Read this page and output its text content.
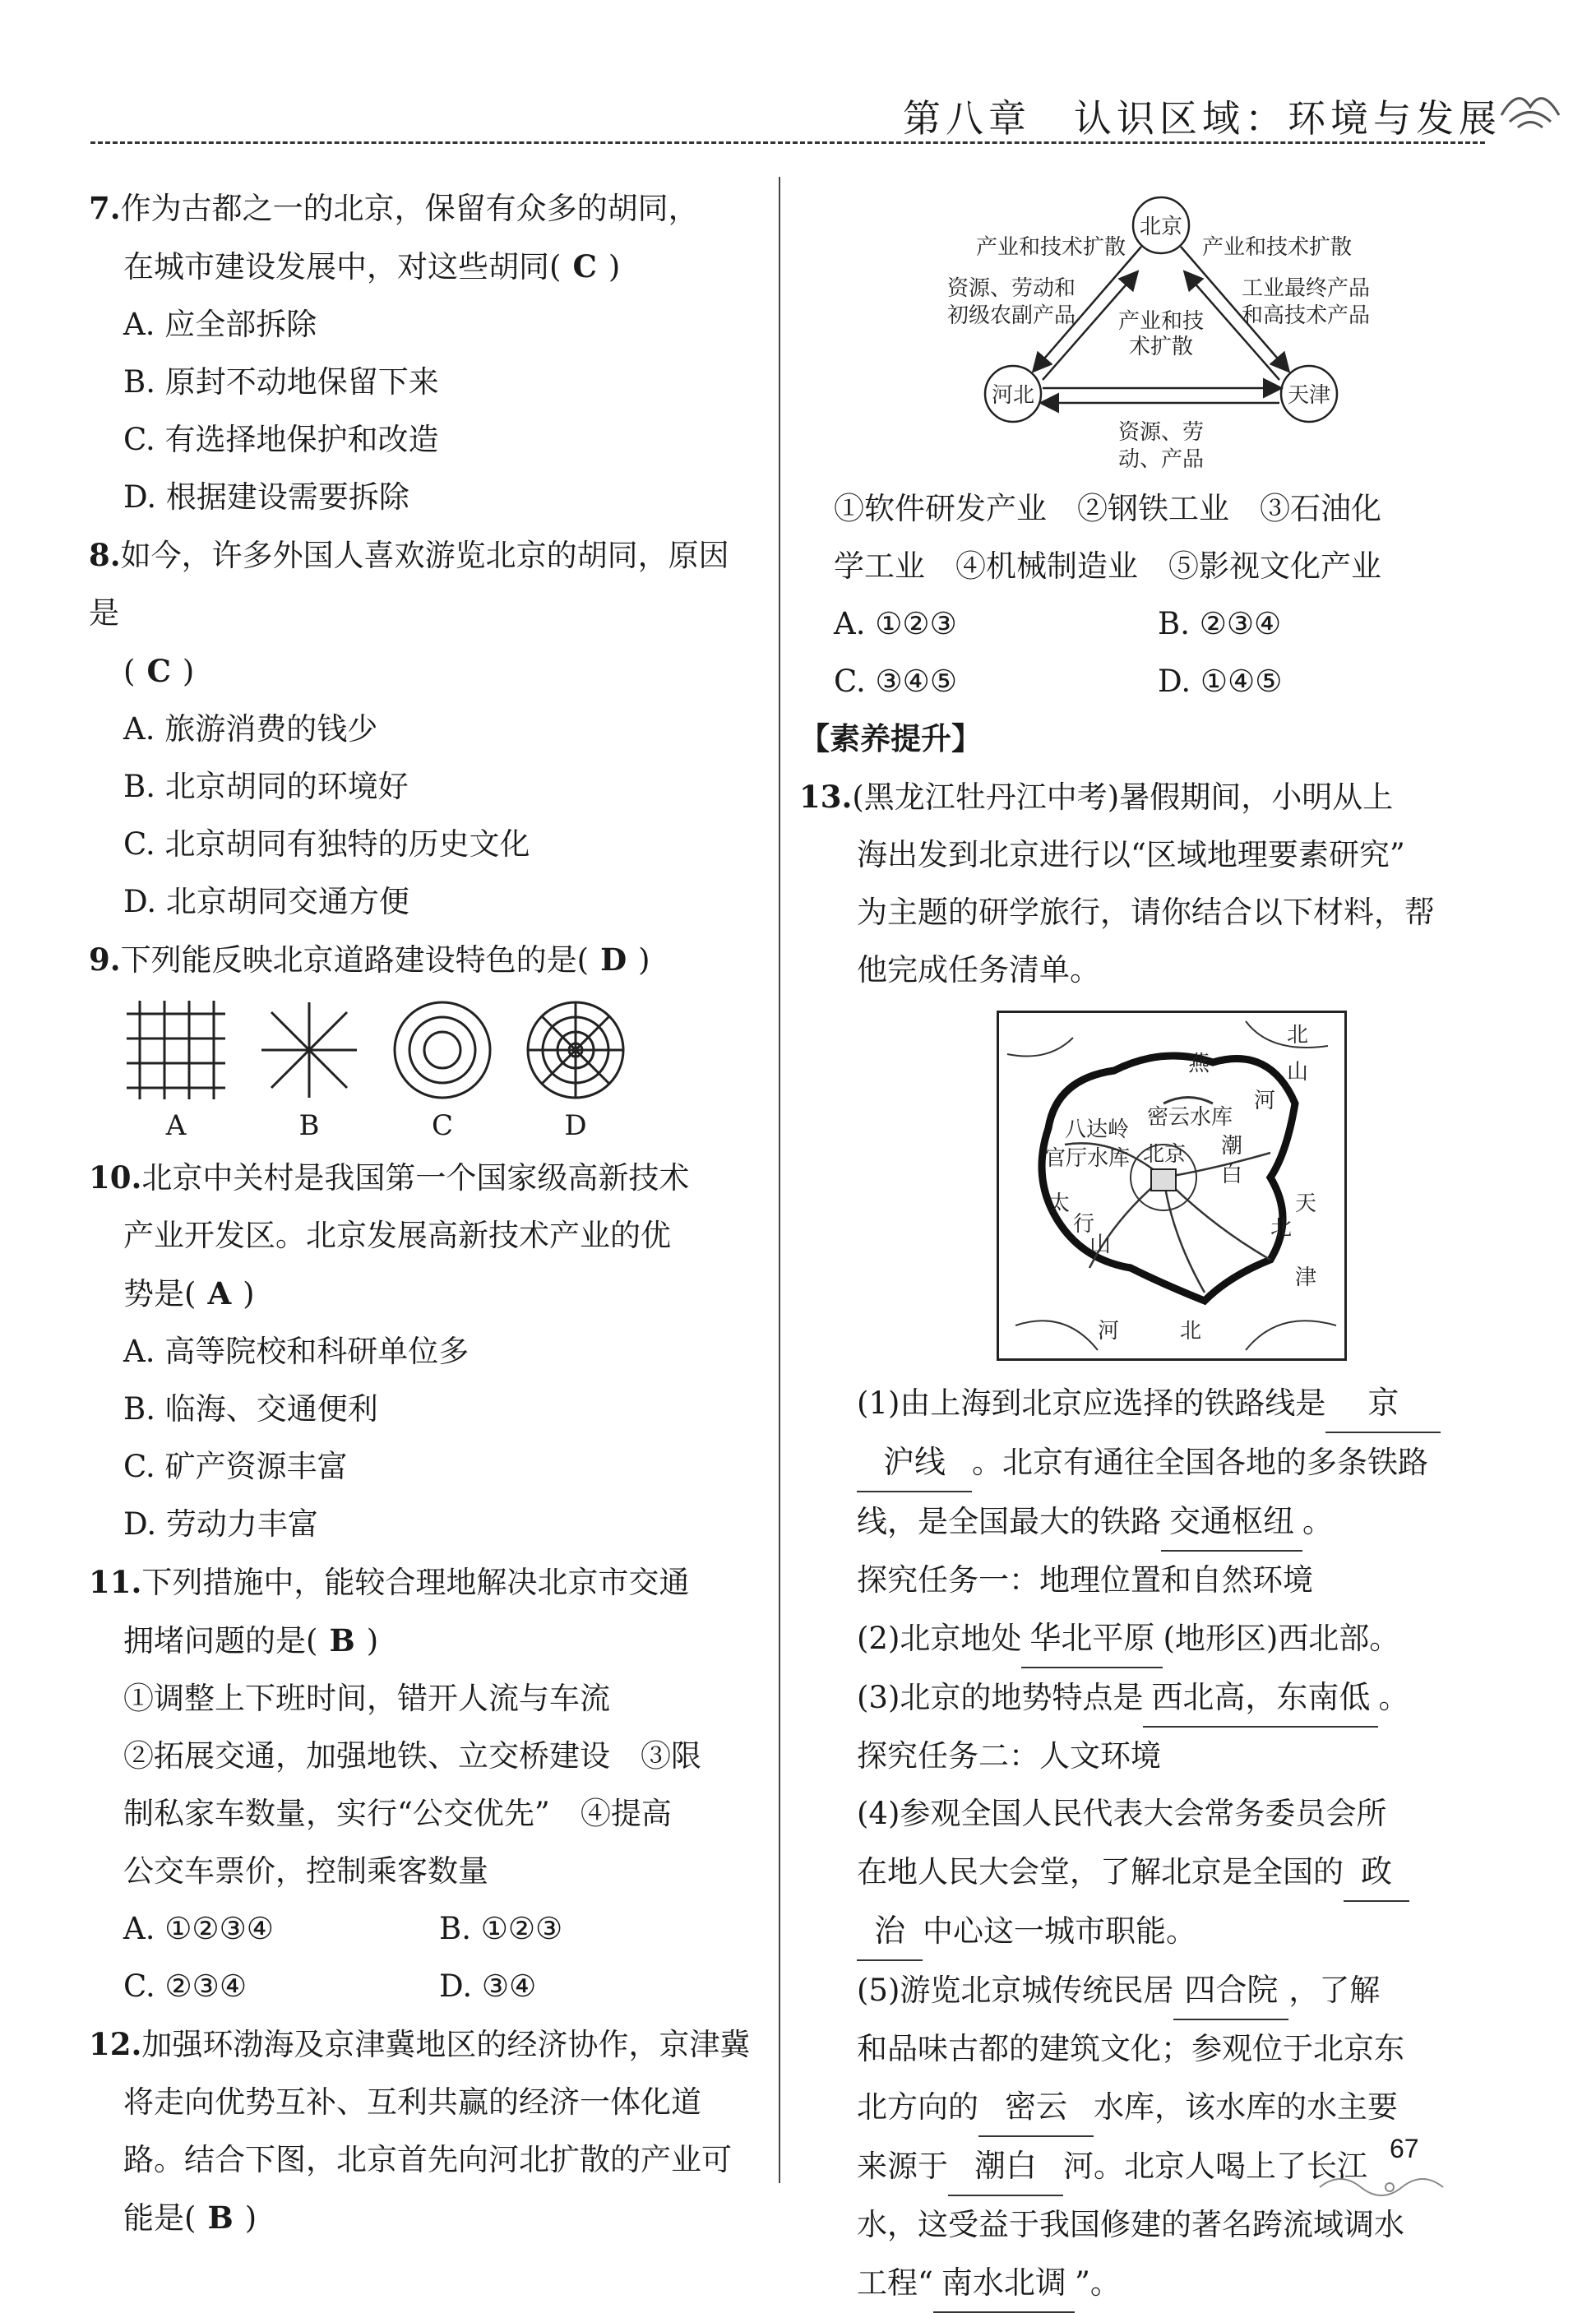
第八章　认识区域：环境与发展
7.作为古都之一的北京，保留有众多的胡同，
在城市建设发展中，对这些胡同( C )
A. 应全部拆除
B. 原封不动地保留下来
C. 有选择地保护和改造
D. 根据建设需要拆除
8.如今，许多外国人喜欢游览北京的胡同，原因是
( C )
A. 旅游消费的钱少
B. 北京胡同的环境好
C. 北京胡同有独特的历史文化
D. 北京胡同交通方便
9.下列能反映北京道路建设特色的是( D )
A	B	C	D
10.北京中关村是我国第一个国家级高新技术
产业开发区。北京发展高新技术产业的优
势是( A )
A. 高等院校和科研单位多
B. 临海、交通便利
C. 矿产资源丰富
D. 劳动力丰富
11.下列措施中，能较合理地解决北京市交通
拥堵问题的是( B )
①调整上下班时间，错开人流与车流
②拓展交通，加强地铁、立交桥建设　③限
制私家车数量，实行“公交优先”　④提高
公交车票价，控制乘客数量
A. ①②③④	B. ①②③
C. ②③④	D. ③④
12.加强环渤海及京津冀地区的经济协作，京津冀
将走向优势互补、互利共赢的经济一体化道
路。结合下图，北京首先向河北扩散的产业可
能是( B )
北京
河北	天津
产业和技术扩散
资源、劳动和
初级农副产品
产业和技术扩散
工业最终产品
和高技术产品
产业和技
术扩散
资源、劳
动、产品
①软件研发产业　②钢铁工业　③石油化
学工业　④机械制造业　⑤影视文化产业
A. ①②③	B. ②③④
C. ③④⑤	D. ①④⑤
【素养提升】
13.(黑龙江牡丹江中考)暑假期间，小明从上
海出发到北京进行以“区域地理要素研究”
为主题的研学旅行，请你结合以下材料，帮
他完成任务清单。
河
北
山
燕
密云水库
八达岭
官厅水库 北京 潮
白
太
行
山
北
津
天
河	北
(1)由上海到北京应选择的铁路线是 京
沪线 。北京有通往全国各地的多条铁路
线，是全国最大的铁路 交通枢纽 。
探究任务一：地理位置和自然环境
(2)北京地处 华北平原 (地形区)西北部。
(3)北京的地势特点是 西北高，东南低 。
探究任务二：人文环境
(4)参观全国人民代表大会常务委员会所
在地人民大会堂，了解北京是全国的 政
治 中心这一城市职能。
(5)游览北京城传统民居 四合院 ，了解
和品味古都的建筑文化；参观位于北京东
北方向的 密云 水库，该水库的水主要
来源于 潮白 河。北京人喝上了长江
水，这受益于我国修建的著名跨流域调水
工程“ 南水北调 ”。
67
